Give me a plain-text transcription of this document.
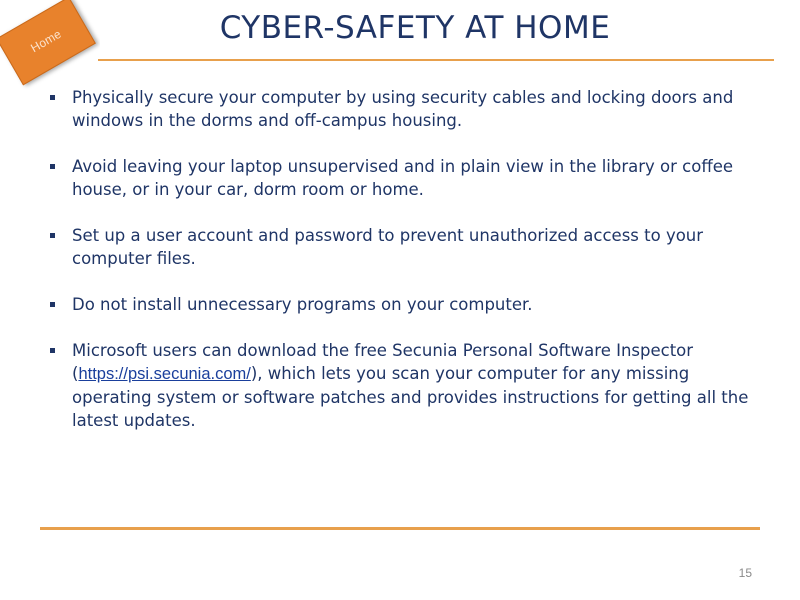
Home	CYBER-SAFETY AT HOME
Physically secure your computer by using security cables and locking doors and windows in the dorms and off-campus housing.
Avoid leaving your laptop unsupervised and in plain view in the library or coffee house, or in your car, dorm room or home.
Set up a user account and password to prevent unauthorized access to your computer files.
Do not install unnecessary programs on your computer.
Microsoft users can download the free Secunia Personal Software Inspector (https://psi.secunia.com/), which lets you scan your computer for any missing operating system or software patches and provides instructions for getting all the latest updates.
15
